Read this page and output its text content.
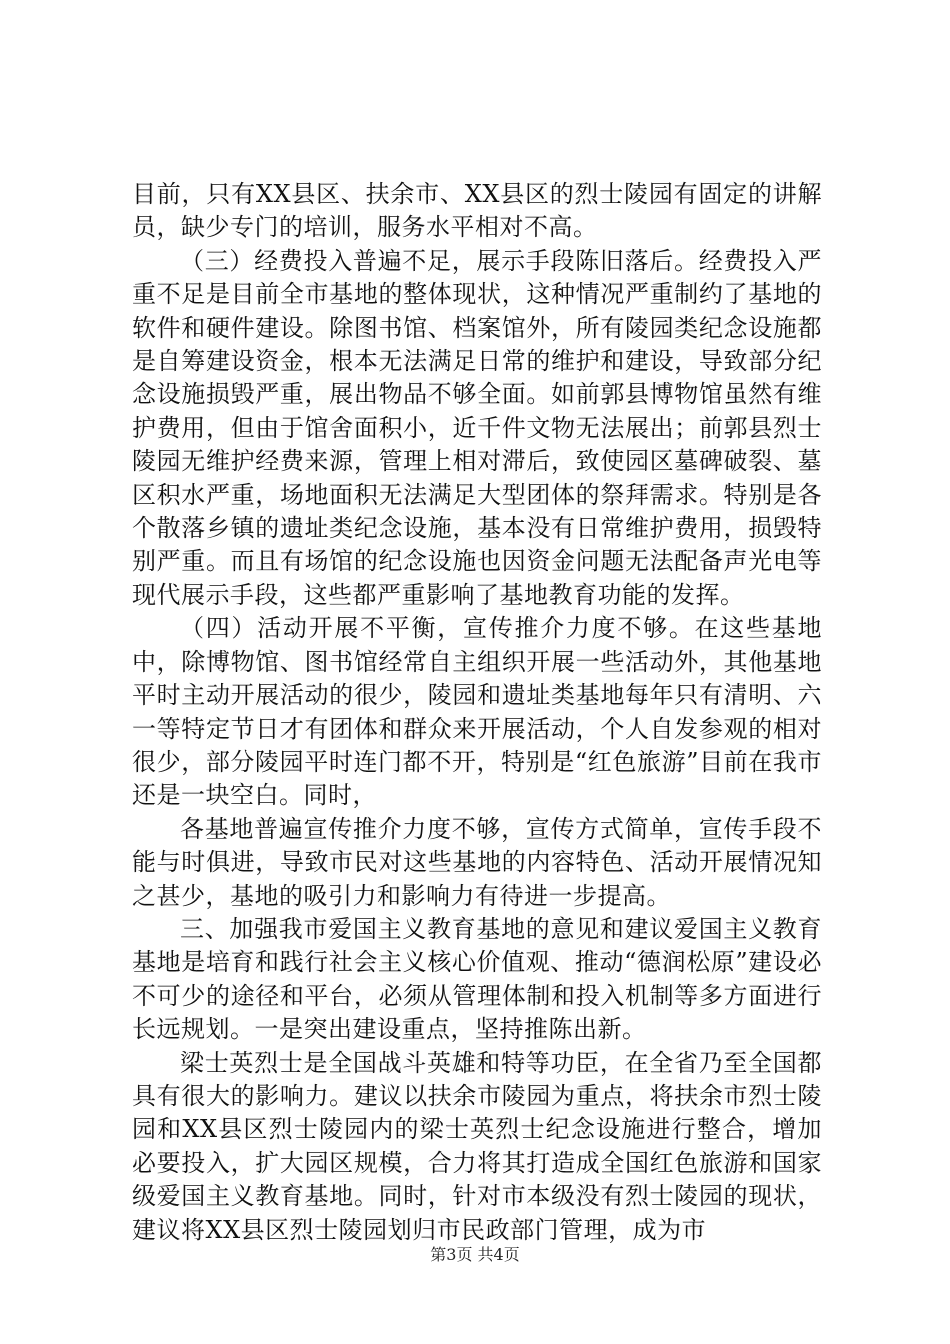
目前，只有XX县区、扶余市、XX县区的烈士陵园有固定的讲解员，缺少专门的培训，服务水平相对不高。

（三）经费投入普遍不足，展示手段陈旧落后。经费投入严重不足是目前全市基地的整体现状，这种情况严重制约了基地的软件和硬件建设。除图书馆、档案馆外，所有陵园类纪念设施都是自筹建设资金，根本无法满足日常的维护和建设，导致部分纪念设施损毁严重，展出物品不够全面。如前郭县博物馆虽然有维护费用，但由于馆舍面积小，近千件文物无法展出；前郭县烈士陵园无维护经费来源，管理上相对滞后，致使园区墓碑破裂、墓区积水严重，场地面积无法满足大型团体的祭拜需求。特别是各个散落乡镇的遗址类纪念设施，基本没有日常维护费用，损毁特别严重。而且有场馆的纪念设施也因资金问题无法配备声光电等现代展示手段，这些都严重影响了基地教育功能的发挥。

（四）活动开展不平衡，宣传推介力度不够。在这些基地中，除博物馆、图书馆经常自主组织开展一些活动外，其他基地平时主动开展活动的很少，陵园和遗址类基地每年只有清明、六一等特定节日才有团体和群众来开展活动，个人自发参观的相对很少，部分陵园平时连门都不开，特别是“红色旅游”目前在我市还是一块空白。同时，

各基地普遍宣传推介力度不够，宣传方式简单，宣传手段不能与时俱进，导致市民对这些基地的内容特色、活动开展情况知之甚少，基地的吸引力和影响力有待进一步提高。

三、加强我市爱国主义教育基地的意见和建议爱国主义教育基地是培育和践行社会主义核心价值观、推动“德润松原”建设必不可少的途径和平台，必须从管理体制和投入机制等多方面进行长远规划。一是突出建设重点，坚持推陈出新。

梁士英烈士是全国战斗英雄和特等功臣，在全省乃至全国都具有很大的影响力。建议以扶余市陵园为重点，将扶余市烈士陵园和XX县区烈士陵园内的梁士英烈士纪念设施进行整合，增加必要投入，扩大园区规模，合力将其打造成全国红色旅游和国家级爱国主义教育基地。同时，针对市本级没有烈士陵园的现状，建议将XX县区烈士陵园划归市民政部门管理，成为市

第3页 共4页
